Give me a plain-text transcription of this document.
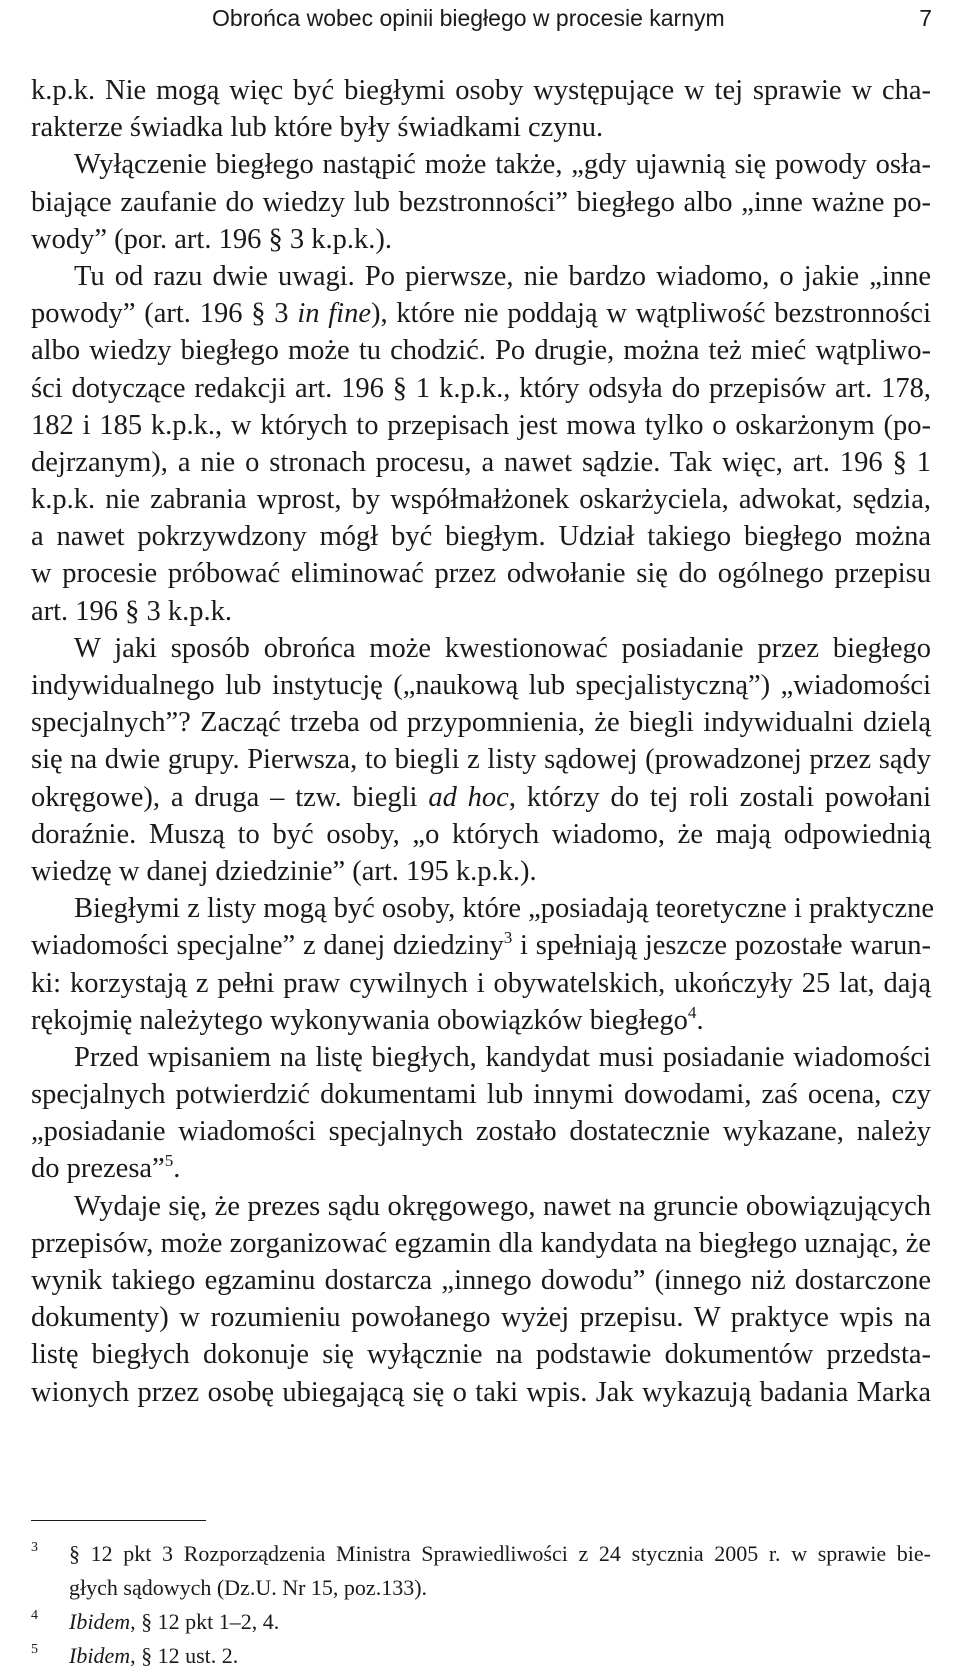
Obrońca wobec opinii biegłego w procesie karnym	7
k.p.k. Nie mogą więc być biegłymi osoby występujące w tej sprawie w cha-
rakterze świadka lub które były świadkami czynu.
Wyłączenie biegłego nastąpić może także, „gdy ujawnią się powody osła-
biające zaufanie do wiedzy lub bezstronności” biegłego albo „inne ważne po-
wody” (por. art. 196 § 3 k.p.k.).
Tu od razu dwie uwagi. Po pierwsze, nie bardzo wiadomo, o jakie „inne
powody” (art. 196 § 3 in fine), które nie poddają w wątpliwość bezstronności
albo wiedzy biegłego może tu chodzić. Po drugie, można też mieć wątpliwo-
ści dotyczące redakcji art. 196 § 1 k.p.k., który odsyła do przepisów art. 178,
182 i 185 k.p.k., w których to przepisach jest mowa tylko o oskarżonym (po-
dejrzanym), a nie o stronach procesu, a nawet sądzie. Tak więc, art. 196 § 1
k.p.k. nie zabrania wprost, by współmałżonek oskarżyciela, adwokat, sędzia,
a nawet pokrzywdzony mógł być biegłym. Udział takiego biegłego można
w procesie próbować eliminować przez odwołanie się do ogólnego przepisu
art. 196 § 3 k.p.k.
W jaki sposób obrońca może kwestionować posiadanie przez biegłego
indywidualnego lub instytucję („naukową lub specjalistyczną”) „wiadomości
specjalnych”? Zacząć trzeba od przypomnienia, że biegli indywidualni dzielą
się na dwie grupy. Pierwsza, to biegli z listy sądowej (prowadzonej przez sądy
okręgowe), a druga – tzw. biegli ad hoc, którzy do tej roli zostali powołani
doraźnie. Muszą to być osoby, „o których wiadomo, że mają odpowiednią
wiedzę w danej dziedzinie” (art. 195 k.p.k.).
Biegłymi z listy mogą być osoby, które „posiadają teoretyczne i praktyczne
wiadomości specjalne” z danej dziedziny$^3$ i spełniają jeszcze pozostałe warun-
ki: korzystają z pełni praw cywilnych i obywatelskich, ukończyły 25 lat, dają
rękojmię należytego wykonywania obowiązków biegłego$^4$.
Przed wpisaniem na listę biegłych, kandydat musi posiadanie wiadomości
specjalnych potwierdzić dokumentami lub innymi dowodami, zaś ocena, czy
„posiadanie wiadomości specjalnych zostało dostatecznie wykazane, należy
do prezesa”$^5$.
Wydaje się, że prezes sądu okręgowego, nawet na gruncie obowiązujących
przepisów, może zorganizować egzamin dla kandydata na biegłego uznając, że
wynik takiego egzaminu dostarcza „innego dowodu” (innego niż dostarczone
dokumenty) w rozumieniu powołanego wyżej przepisu. W praktyce wpis na
listę biegłych dokonuje się wyłącznie na podstawie dokumentów przedsta-
wionych przez osobę ubiegającą się o taki wpis. Jak wykazują badania Marka
3 § 12 pkt 3 Rozporządzenia Ministra Sprawiedliwości z 24 stycznia 2005 r. w sprawie bie-
głych sądowych (Dz.U. Nr 15, poz.133).
4 Ibidem, § 12 pkt 1–2, 4.
5 Ibidem, § 12 ust. 2.
